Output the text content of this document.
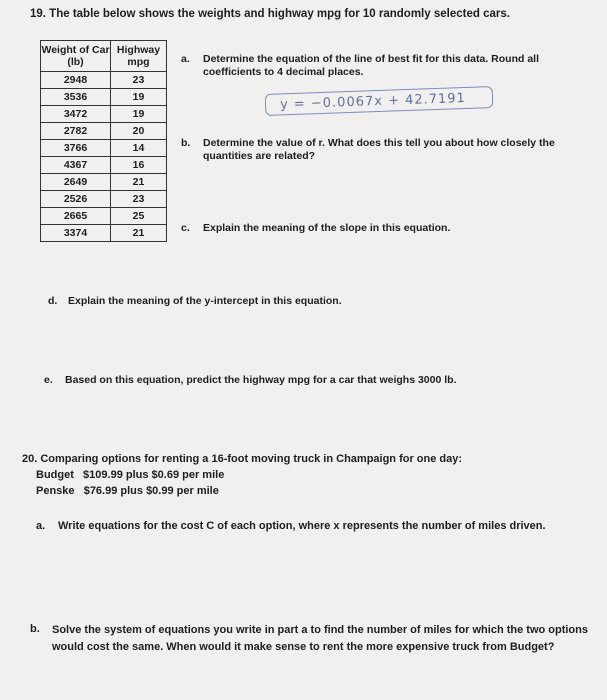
19. The table below shows the weights and highway mpg for 10 randomly selected cars.
Weight of Car (lb)	Highway mpg
2948	23
3536	19
3472	19
2782	20
3766	14
4367	16
2649	21
2526	23
2665	25
3374	21
a. Determine the equation of the line of best fit for this data. Round all coefficients to 4 decimal places.
y = −0.0067x + 42.7191
b. Determine the value of r. What does this tell you about how closely the quantities are related?
c. Explain the meaning of the slope in this equation.
d. Explain the meaning of the y-intercept in this equation.
e. Based on this equation, predict the highway mpg for a car that weighs 3000 lb.
20. Comparing options for renting a 16-foot moving truck in Champaign for one day:
Budget   $109.99 plus $0.69 per mile
Penske   $76.99 plus $0.99 per mile
a. Write equations for the cost C of each option, where x represents the number of miles driven.
b. Solve the system of equations you write in part a to find the number of miles for which the two options would cost the same. When would it make sense to rent the more expensive truck from Budget?
